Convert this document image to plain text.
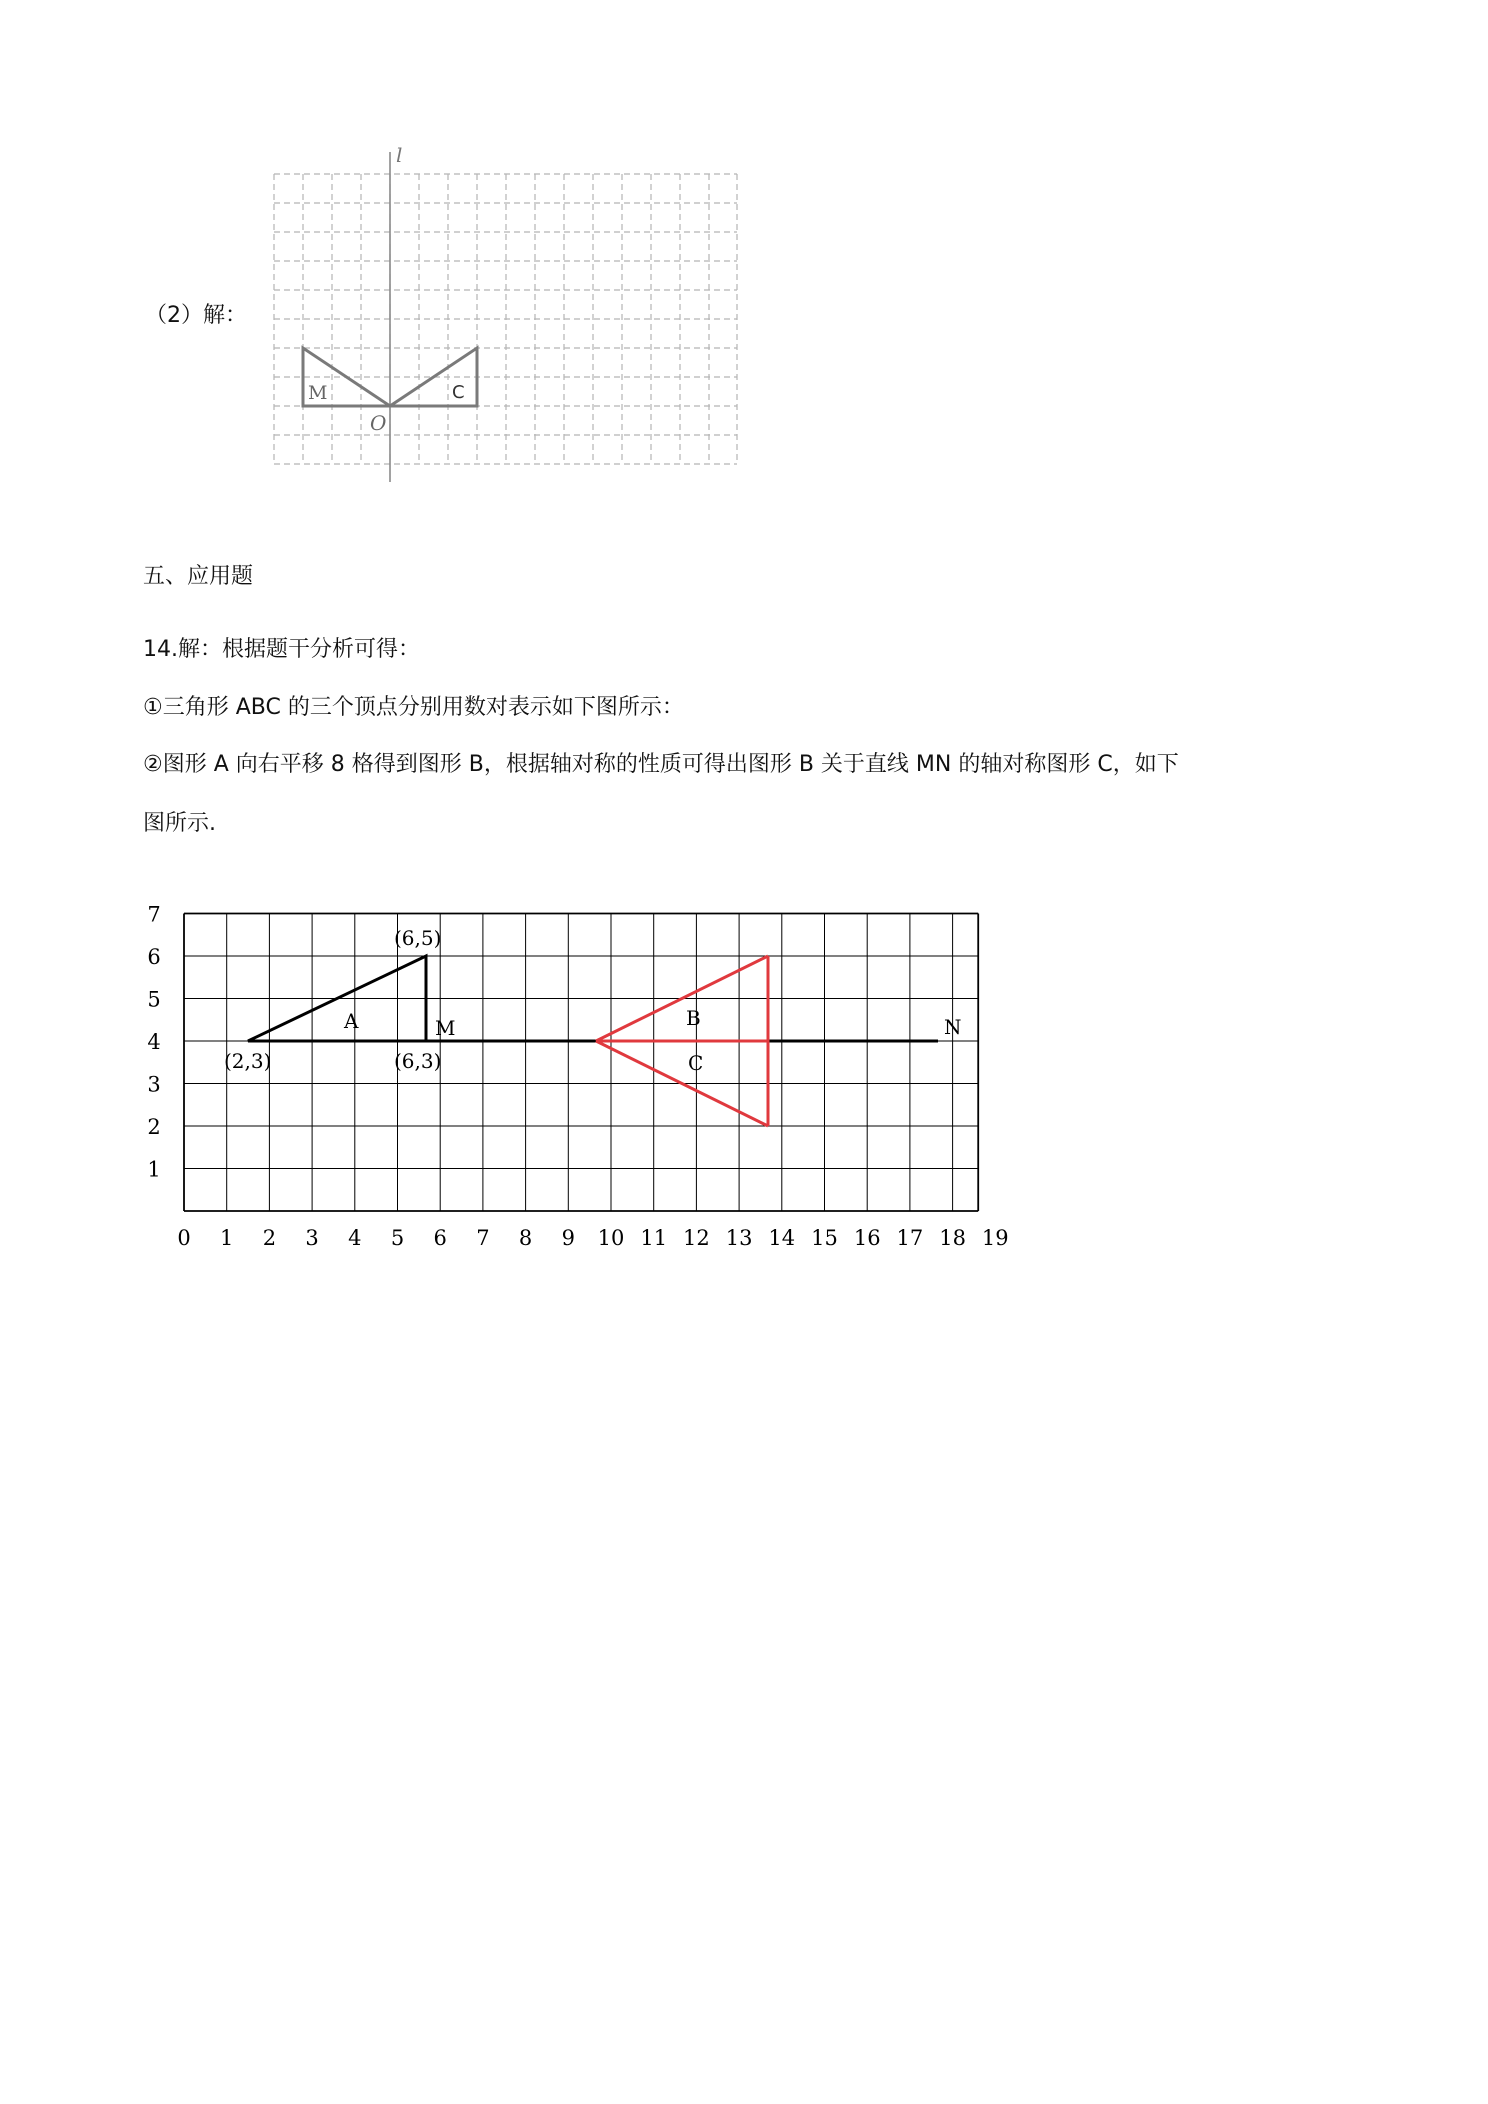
（2）解：
l
O
M	C
五、应用题
14.解：根据题干分析可得：
①三角形 ABC 的三个顶点分别用数对表示如下图所示：
②图形 A 向右平移 8 格得到图形 B，根据轴对称的性质可得出图形 B 关于直线 MN 的轴对称图形 C，如下
图所示.
0 1 2 3 4 5 6 7 8 9 10 11 12 13 14 15 16 17 18 19
1
2
3
4
5
6
7
A	B
C
M	N
(6,5)
(2,3)	(6,3)
